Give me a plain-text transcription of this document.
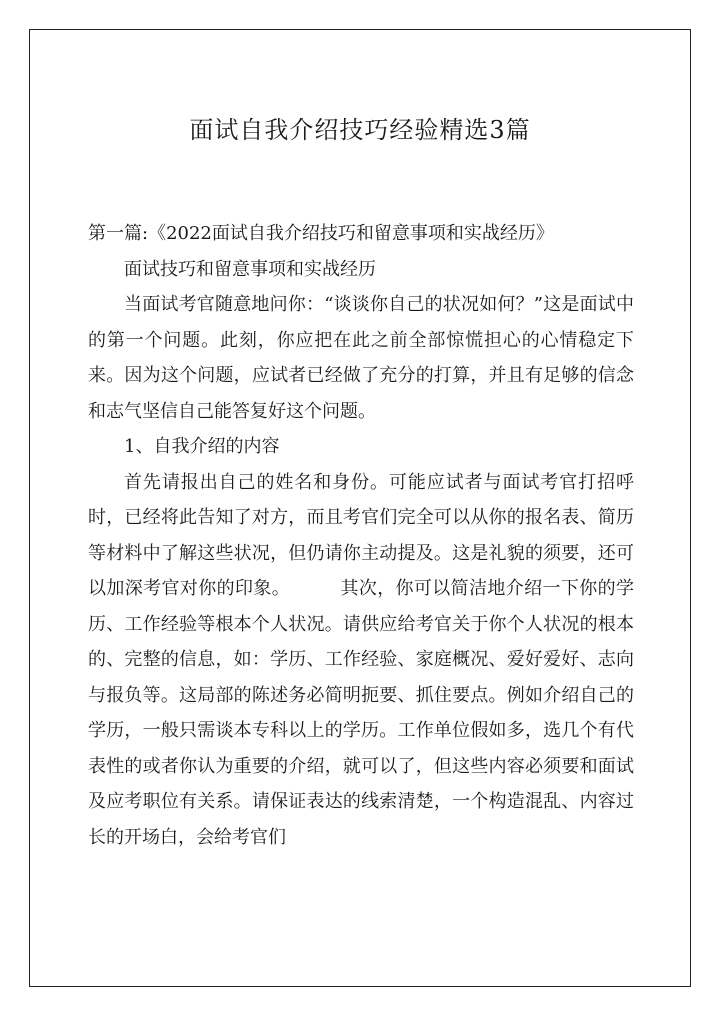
面试自我介绍技巧经验精选3篇

第一篇:《2022面试自我介绍技巧和留意事项和实战经历》

面试技巧和留意事项和实战经历

当面试考官随意地问你：“谈谈你自己的状况如何？”这是面试中的第一个问题。此刻，你应把在此之前全部惊慌担心的心情稳定下来。因为这个问题，应试者已经做了充分的打算，并且有足够的信念和志气坚信自己能答复好这个问题。

1、自我介绍的内容

首先请报出自己的姓名和身份。可能应试者与面试考官打招呼时，已经将此告知了对方，而且考官们完全可以从你的报名表、简历等材料中了解这些状况，但仍请你主动提及。这是礼貌的须要，还可以加深考官对你的印象。	其次，你可以简洁地介绍一下你的学历、工作经验等根本个人状况。请供应给考官关于你个人状况的根本的、完整的信息，如：学历、工作经验、家庭概况、爱好爱好、志向与报负等。这局部的陈述务必简明扼要、抓住要点。例如介绍自己的学历，一般只需谈本专科以上的学历。工作单位假如多，选几个有代表性的或者你认为重要的介绍，就可以了，但这些内容必须要和面试及应考职位有关系。请保证表达的线索清楚，一个构造混乱、内容过长的开场白，会给考官们
